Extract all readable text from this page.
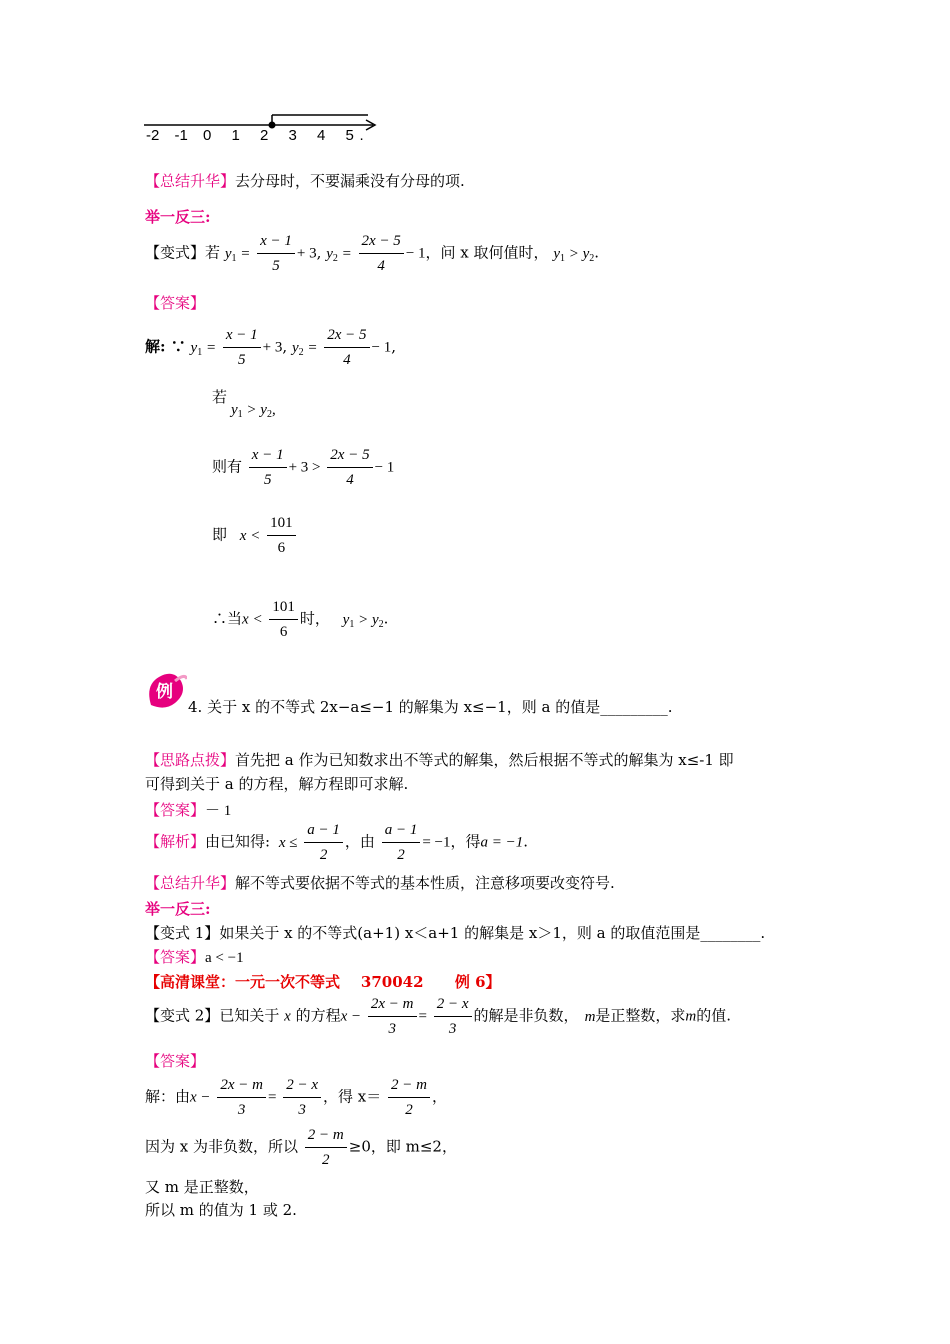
-2 -1 0 1 2 3 4 5 .
【总结升华】去分母时，不要漏乘没有分母的项.
举一反三:
【变式】若 $y_1 = \frac{x - 1}{5} + 3$, $y_2 = \frac{2x - 5}{4} - 1$，问 x 取何值时， $y_1 > y_2$.
【答案】
解: ∵ $y_1 = \frac{x - 1}{5} + 3$, $y_2 = \frac{2x - 5}{4} - 1$,
若
$y_1 > y_2$,
则有 $\frac{x - 1}{5} + 3 > \frac{2x - 5}{4} - 1$
即 $x < \frac{101}{6}$
∴当$x < \frac{101}{6}$ 时， $y_1 > y_2$.
例
4. 关于 x 的不等式 2x−a≤−1 的解集为 x≤−1，则 a 的值是_________.
【思路点拨】首先把 a 作为已知数求出不等式的解集，然后根据不等式的解集为 x≤-1 即
可得到关于 a 的方程，解方程即可求解.
【答案】－ 1
【解析】由已知得: $x \le \frac{a - 1}{2}$ ，由 $\frac{a - 1}{2} = -1$，得a = −1.
【总结升华】解不等式要依据不等式的基本性质，注意移项要改变符号.
举一反三:
【变式 1】如果关于 x 的不等式(a+1) x＜a+1 的解集是 x＞1，则 a 的取值范围是________.
【答案】a < −1
【高清课堂：一元一次不等式    370042      例 6】
【变式 2】已知关于 x 的方程$x - \frac{2x - m}{3} = \frac{2 - x}{3}$ 的解是非负数， m是正整数，求m的值.
【答案】
解：由$x - \frac{2x - m}{3} = \frac{2 - x}{3}$ ，得 $x= \frac{2 - m}{2}$ ，
因为 x 为非负数，所以 $\frac{2 - m}{2} \ge 0$，即 m≤2，
又 m 是正整数，
所以 m 的值为 1 或 2.
